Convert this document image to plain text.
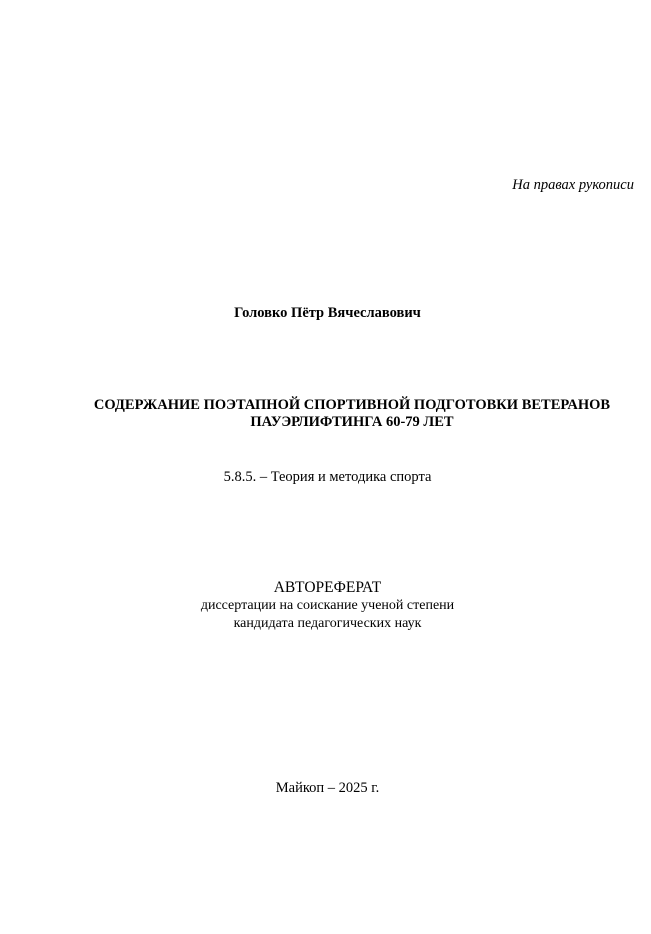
На правах рукописи
Головко Пётр Вячеславович
СОДЕРЖАНИЕ ПОЭТАПНОЙ СПОРТИВНОЙ ПОДГОТОВКИ ВЕТЕРАНОВ
ПАУЭРЛИФТИНГА 60-79 ЛЕТ
5.8.5. – Теория и методика спорта
АВТОРЕФЕРАТ
диссертации на соискание ученой степени
кандидата педагогических наук
Майкоп – 2025 г.
